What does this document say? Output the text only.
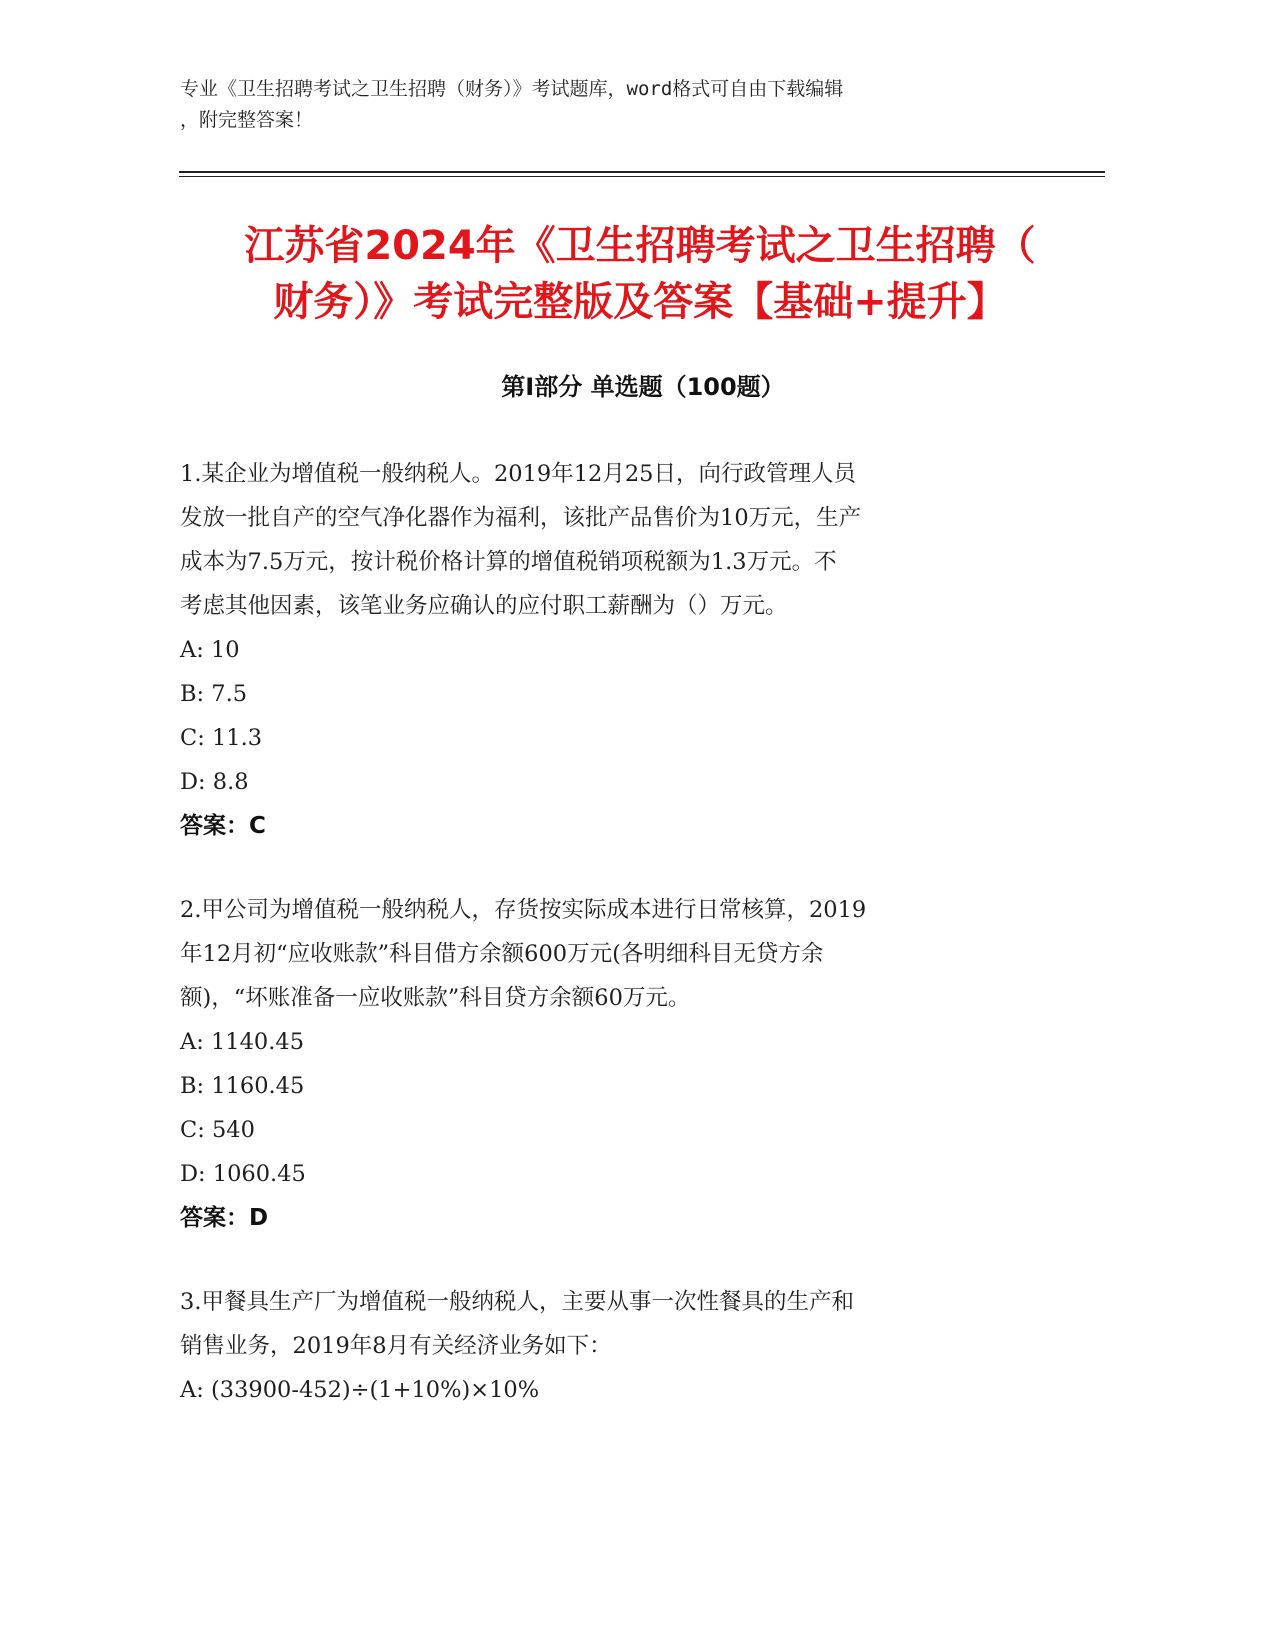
专业《卫生招聘考试之卫生招聘（财务）》考试题库，word格式可自由下载编辑
，附完整答案！
江苏省2024年《卫生招聘考试之卫生招聘（
财务）》考试完整版及答案【基础+提升】
第I部分 单选题（100题）
1.某企业为增值税一般纳税人。2019年12月25日，向行政管理人员
发放一批自产的空气净化器作为福利，该批产品售价为10万元，生产
成本为7.5万元，按计税价格计算的增值税销项税额为1.3万元。不
考虑其他因素，该笔业务应确认的应付职工薪酬为（）万元。
A: 10
B: 7.5
C: 11.3
D: 8.8
答案：C
2.甲公司为增值税一般纳税人，存货按实际成本进行日常核算，2019
年12月初“应收账款”科目借方余额600万元(各明细科目无贷方余
额)，“坏账准备一应收账款”科目贷方余额60万元。
A: 1140.45
B: 1160.45
C: 540
D: 1060.45
答案：D
3.甲餐具生产厂为增值税一般纳税人，主要从事一次性餐具的生产和
销售业务，2019年8月有关经济业务如下：
A: (33900-452)÷(1+10%)×10%
